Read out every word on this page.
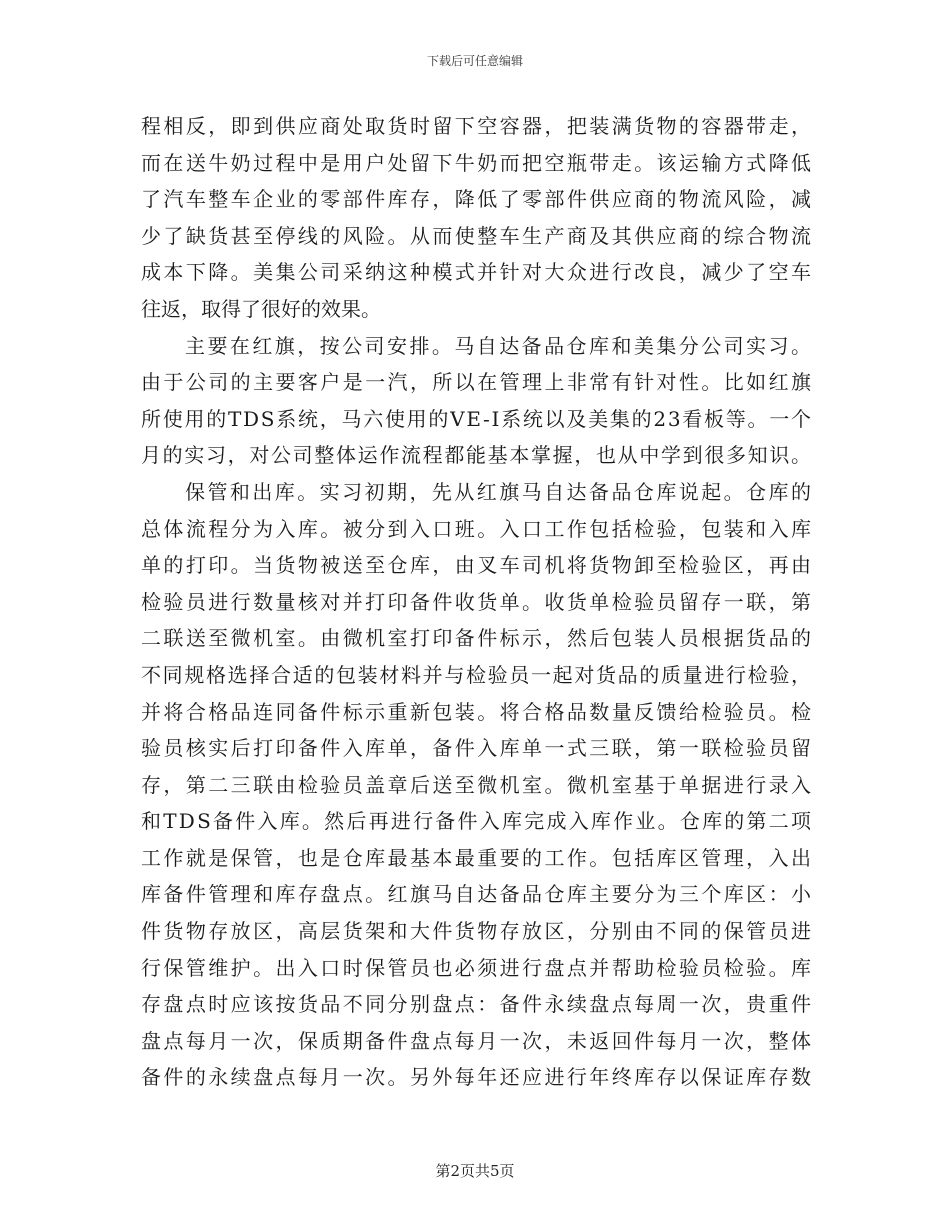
下载后可任意编辑
程相反，即到供应商处取货时留下空容器，把装满货物的容器带走，
而在送牛奶过程中是用户处留下牛奶而把空瓶带走。该运输方式降低
了汽车整车企业的零部件库存，降低了零部件供应商的物流风险，减
少了缺货甚至停线的风险。从而使整车生产商及其供应商的综合物流
成本下降。美集公司采纳这种模式并针对大众进行改良，减少了空车
往返，取得了很好的效果。
主要在红旗，按公司安排。马自达备品仓库和美集分公司实习。
由于公司的主要客户是一汽，所以在管理上非常有针对性。比如红旗
所使用的TDS系统，马六使用的VE-I系统以及美集的23看板等。一个
月的实习，对公司整体运作流程都能基本掌握，也从中学到很多知识。
保管和出库。实习初期，先从红旗马自达备品仓库说起。仓库的
总体流程分为入库。被分到入口班。入口工作包括检验，包装和入库
单的打印。当货物被送至仓库，由叉车司机将货物卸至检验区，再由
检验员进行数量核对并打印备件收货单。收货单检验员留存一联，第
二联送至微机室。由微机室打印备件标示，然后包装人员根据货品的
不同规格选择合适的包装材料并与检验员一起对货品的质量进行检验，
并将合格品连同备件标示重新包装。将合格品数量反馈给检验员。检
验员核实后打印备件入库单，备件入库单一式三联，第一联检验员留
存，第二三联由检验员盖章后送至微机室。微机室基于单据进行录入
和TDS备件入库。然后再进行备件入库完成入库作业。仓库的第二项
工作就是保管，也是仓库最基本最重要的工作。包括库区管理，入出
库备件管理和库存盘点。红旗马自达备品仓库主要分为三个库区：小
件货物存放区，高层货架和大件货物存放区，分别由不同的保管员进
行保管维护。出入口时保管员也必须进行盘点并帮助检验员检验。库
存盘点时应该按货品不同分别盘点：备件永续盘点每周一次，贵重件
盘点每月一次，保质期备件盘点每月一次，未返回件每月一次，整体
备件的永续盘点每月一次。另外每年还应进行年终库存以保证库存数
第2页共5页
